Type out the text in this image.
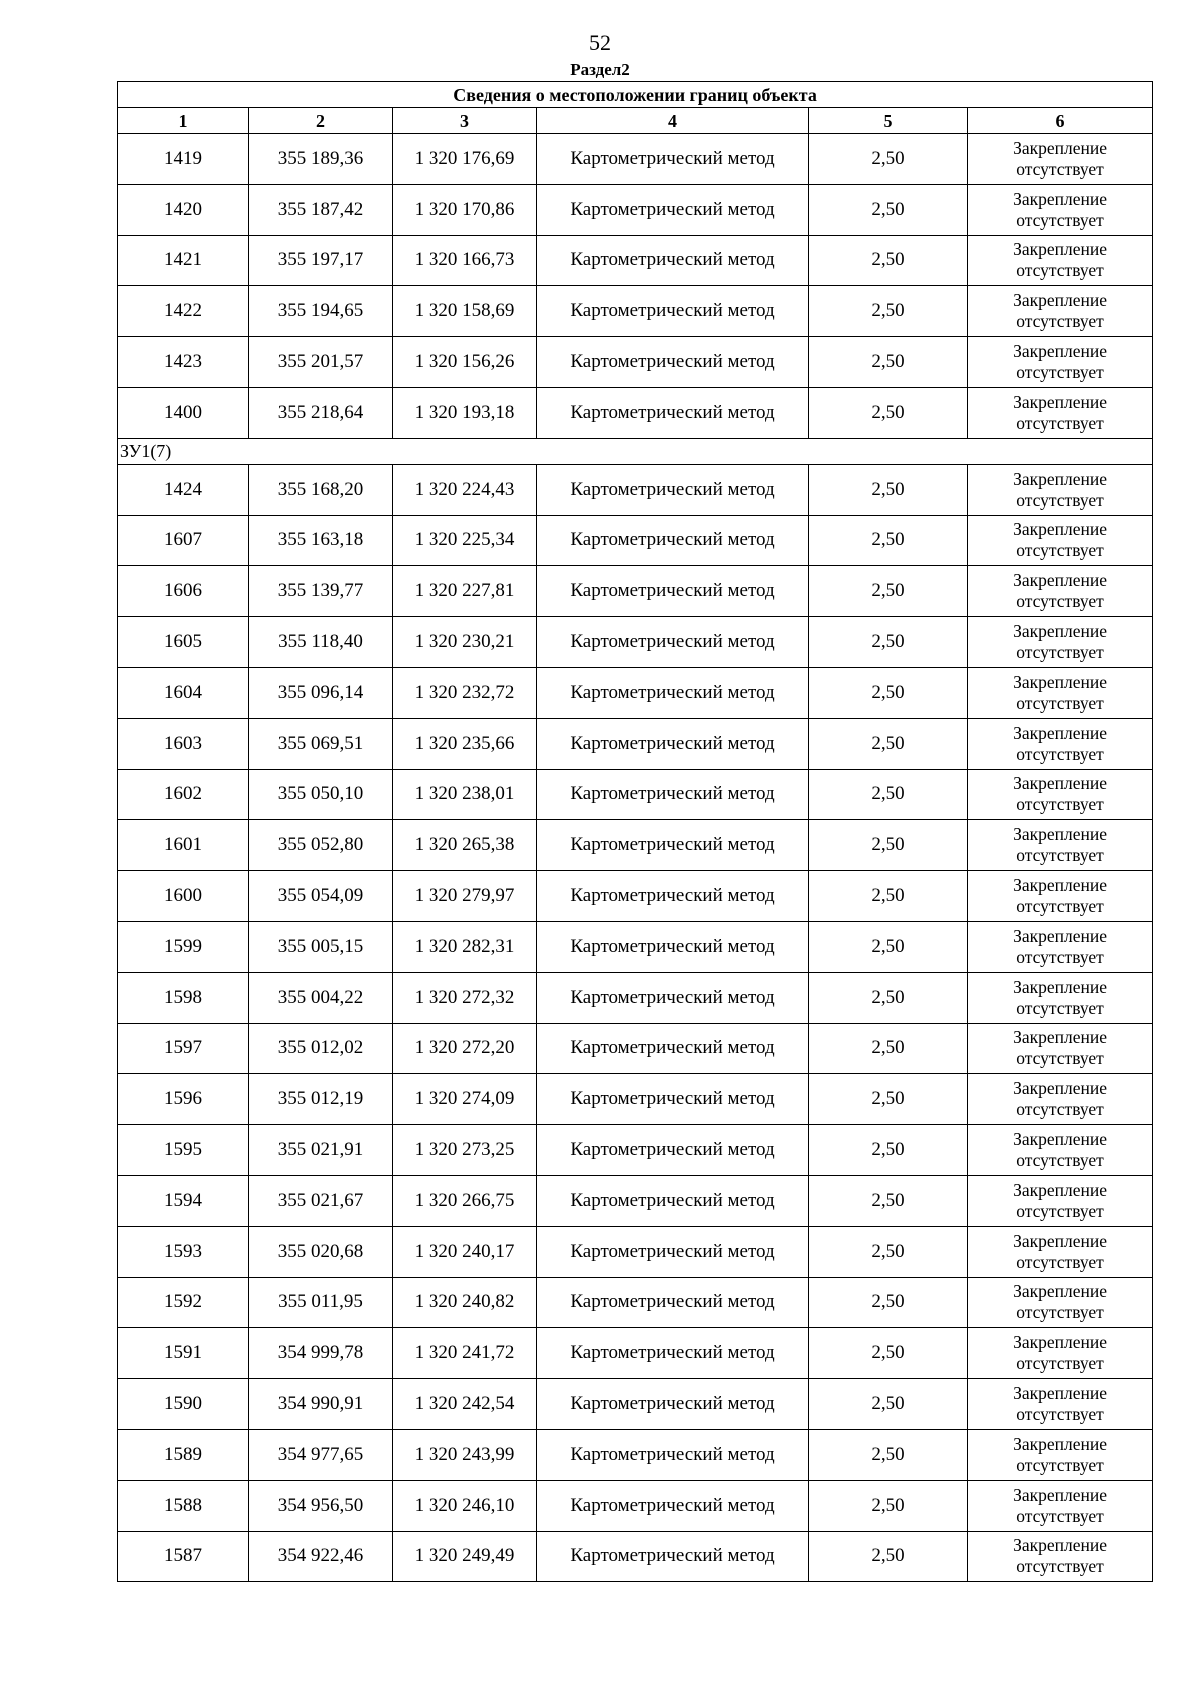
52
Раздел2
Сведения о местоположении границ объекта					
1	2	3	4	5	6
1419	355 189,36	1 320 176,69	Картометрический метод	2,50	Закрепление
отсутствует

1420	355 187,42	1 320 170,86	Картометрический метод	2,50	Закрепление
отсутствует

1421	355 197,17	1 320 166,73	Картометрический метод	2,50	Закрепление
отсутствует

1422	355 194,65	1 320 158,69	Картометрический метод	2,50	Закрепление
отсутствует

1423	355 201,57	1 320 156,26	Картометрический метод	2,50	Закрепление
отсутствует

1400	355 218,64	1 320 193,18	Картометрический метод	2,50	Закрепление
отсутствует

ЗУ1(7)					
1424	355 168,20	1 320 224,43	Картометрический метод	2,50	Закрепление
отсутствует

1607	355 163,18	1 320 225,34	Картометрический метод	2,50	Закрепление
отсутствует

1606	355 139,77	1 320 227,81	Картометрический метод	2,50	Закрепление
отсутствует

1605	355 118,40	1 320 230,21	Картометрический метод	2,50	Закрепление
отсутствует

1604	355 096,14	1 320 232,72	Картометрический метод	2,50	Закрепление
отсутствует

1603	355 069,51	1 320 235,66	Картометрический метод	2,50	Закрепление
отсутствует

1602	355 050,10	1 320 238,01	Картометрический метод	2,50	Закрепление
отсутствует

1601	355 052,80	1 320 265,38	Картометрический метод	2,50	Закрепление
отсутствует

1600	355 054,09	1 320 279,97	Картометрический метод	2,50	Закрепление
отсутствует

1599	355 005,15	1 320 282,31	Картометрический метод	2,50	Закрепление
отсутствует

1598	355 004,22	1 320 272,32	Картометрический метод	2,50	Закрепление
отсутствует

1597	355 012,02	1 320 272,20	Картометрический метод	2,50	Закрепление
отсутствует

1596	355 012,19	1 320 274,09	Картометрический метод	2,50	Закрепление
отсутствует

1595	355 021,91	1 320 273,25	Картометрический метод	2,50	Закрепление
отсутствует

1594	355 021,67	1 320 266,75	Картометрический метод	2,50	Закрепление
отсутствует

1593	355 020,68	1 320 240,17	Картометрический метод	2,50	Закрепление
отсутствует

1592	355 011,95	1 320 240,82	Картометрический метод	2,50	Закрепление
отсутствует

1591	354 999,78	1 320 241,72	Картометрический метод	2,50	Закрепление
отсутствует

1590	354 990,91	1 320 242,54	Картометрический метод	2,50	Закрепление
отсутствует

1589	354 977,65	1 320 243,99	Картометрический метод	2,50	Закрепление
отсутствует

1588	354 956,50	1 320 246,10	Картометрический метод	2,50	Закрепление
отсутствует

1587	354 922,46	1 320 249,49	Картометрический метод	2,50	Закрепление
отсутствует
